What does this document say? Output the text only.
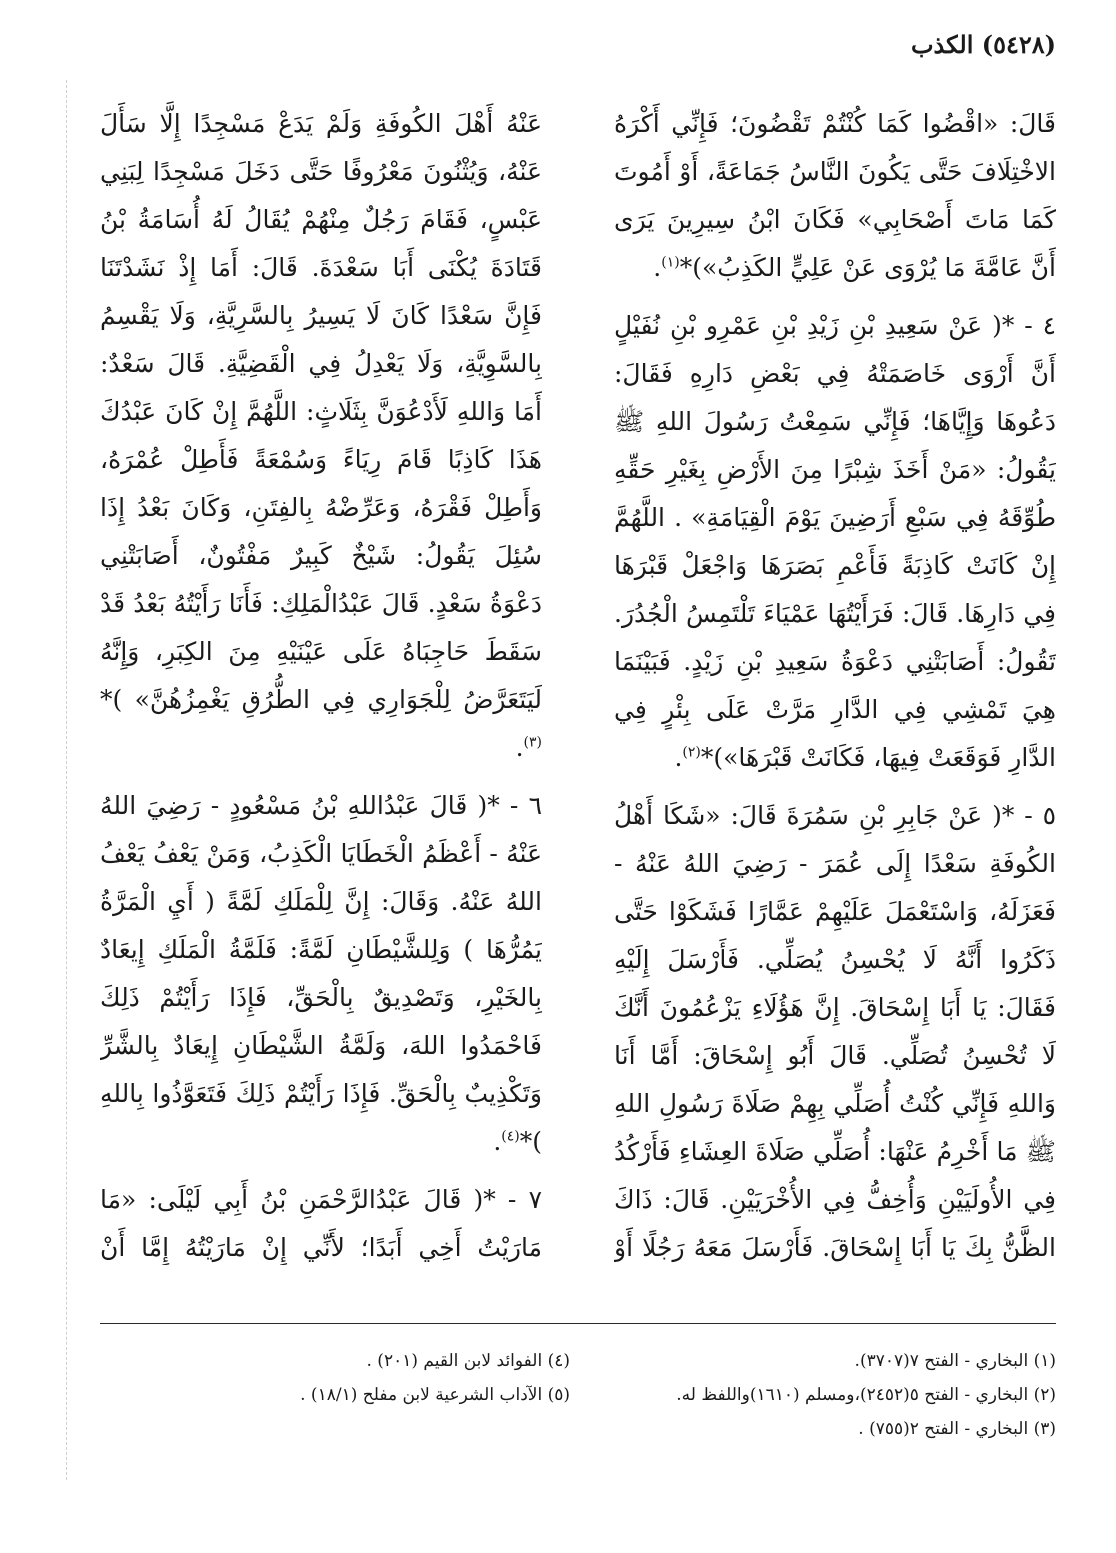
(٥٤٢٨) الكذب

قَالَ: «اقْضُوا كَمَا كُنْتُمْ تَقْضُونَ؛ فَإِنِّي أَكْرَهُ الاخْتِلَافَ حَتَّى يَكُونَ النَّاسُ جَمَاعَةً، أَوْ أَمُوتَ كَمَا مَاتَ أَصْحَابِي» فَكَانَ ابْنُ سِيرِينَ يَرَى أَنَّ عَامَّةَ مَا يُرْوَى عَنْ عَلِيٍّ الكَذِبُ»)*$^{(١)}$.

٤ - *( عَنْ سَعِيدِ بْنِ زَيْدِ بْنِ عَمْرِو بْنِ نُفَيْلٍ أَنَّ أَرْوَى خَاصَمَتْهُ فِي بَعْضِ دَارِهِ فَقَالَ: دَعُوهَا وَإِيَّاهَا؛ فَإِنِّي سَمِعْتُ رَسُولَ اللهِ ﷺ يَقُولُ: «مَنْ أَخَذَ شِبْرًا مِنَ الأَرْضِ بِغَيْرِ حَقِّهِ طُوِّقَهُ فِي سَبْعِ أَرَضِينَ يَوْمَ الْقِيَامَةِ» . اللَّهُمَّ إِنْ كَانَتْ كَاذِبَةً فَأَعْمِ بَصَرَهَا وَاجْعَلْ قَبْرَهَا فِي دَارِهَا. قَالَ: فَرَأَيْتُهَا عَمْيَاءَ تَلْتَمِسُ الْجُدُرَ. تَقُولُ: أَصَابَتْنِي دَعْوَةُ سَعِيدِ بْنِ زَيْدٍ. فَبَيْنَمَا هِيَ تَمْشِي فِي الدَّارِ مَرَّتْ عَلَى بِئْرٍ فِي الدَّارِ فَوَقَعَتْ فِيهَا، فَكَانَتْ قَبْرَهَا»)*$^{(٢)}$.

٥ - *( عَنْ جَابِرِ بْنِ سَمُرَةَ قَالَ: «شَكَا أَهْلُ الكُوفَةِ سَعْدًا إِلَى عُمَرَ - رَضِيَ اللهُ عَنْهُ - فَعَزَلَهُ، وَاسْتَعْمَلَ عَلَيْهِمْ عَمَّارًا فَشَكَوْا حَتَّى ذَكَرُوا أَنَّهُ لَا يُحْسِنُ يُصَلِّي. فَأَرْسَلَ إِلَيْهِ فَقَالَ: يَا أَبَا إِسْحَاقَ. إِنَّ هَؤُلَاءِ يَزْعُمُونَ أَنَّكَ لَا تُحْسِنُ تُصَلِّي. قَالَ أَبُو إِسْحَاقَ: أَمَّا أَنَا وَاللهِ فَإِنِّي كُنْتُ أُصَلِّي بِهِمْ صَلَاةَ رَسُولِ اللهِ ﷺ مَا أَخْرِمُ عَنْهَا: أُصَلِّي صَلَاةَ العِشَاءِ فَأَرْكُدُ فِي الأُولَيَيْنِ وَأُخِفُّ فِي الأُخْرَيَيْنِ. قَالَ: ذَاكَ الظَّنُّ بِكَ يَا أَبَا إِسْحَاقَ. فَأَرْسَلَ مَعَهُ رَجُلًا أَوْ

عَنْهُ أَهْلَ الكُوفَةِ وَلَمْ يَدَعْ مَسْجِدًا إِلَّا سَأَلَ عَنْهُ، وَيُثْنُونَ مَعْرُوفًا حَتَّى دَخَلَ مَسْجِدًا لِبَنِي عَبْسٍ، فَقَامَ رَجُلٌ مِنْهُمْ يُقَالُ لَهُ أُسَامَةُ بْنُ قَتَادَةَ يُكْنَى أَبَا سَعْدَةَ. قَالَ: أَمَا إِذْ نَشَدْتَنَا فَإِنَّ سَعْدًا كَانَ لَا يَسِيرُ بِالسَّرِيَّةِ، وَلَا يَقْسِمُ بِالسَّوِيَّةِ، وَلَا يَعْدِلُ فِي الْقَضِيَّةِ. قَالَ سَعْدٌ: أَمَا وَاللهِ لَأَدْعُوَنَّ بِثَلَاثٍ: اللَّهُمَّ إِنْ كَانَ عَبْدُكَ هَذَا كَاذِبًا قَامَ رِيَاءً وَسُمْعَةً فَأَطِلْ عُمْرَهُ، وَأَطِلْ فَقْرَهُ، وَعَرِّضْهُ بِالفِتَنِ، وَكَانَ بَعْدُ إِذَا سُئِلَ يَقُولُ: شَيْخٌ كَبِيرٌ مَفْتُونٌ، أَصَابَتْنِي دَعْوَةُ سَعْدٍ. قَالَ عَبْدُالْمَلِكِ: فَأَنَا رَأَيْتُهُ بَعْدُ قَدْ سَقَطَ حَاجِبَاهُ عَلَى عَيْنَيْهِ مِنَ الكِبَرِ، وَإِنَّهُ لَيَتَعَرَّضُ لِلْجَوَارِي فِي الطُّرُقِ يَغْمِزُهُنَّ» )*$^{(٣)}$.

٦ - *( قَالَ عَبْدُاللهِ بْنُ مَسْعُودٍ - رَضِيَ اللهُ عَنْهُ - أَعْظَمُ الْخَطَايَا الْكَذِبُ، وَمَنْ يَعْفُ يَعْفُ اللهُ عَنْهُ. وَقَالَ: إِنَّ لِلْمَلَكِ لَمَّةً ( أَيِ الْمَرَّةُ يَمُرُّهَا ) وَلِلشَّيْطَانِ لَمَّةً: فَلَمَّةُ الْمَلَكِ إِيعَادٌ بِالخَيْرِ، وَتَصْدِيقٌ بِالْحَقِّ، فَإِذَا رَأَيْتُمْ ذَلِكَ فَاحْمَدُوا اللهَ، وَلَمَّةُ الشَّيْطَانِ إِيعَادٌ بِالشَّرِّ وَتَكْذِيبٌ بِالْحَقِّ. فَإِذَا رَأَيْتُمْ ذَلِكَ فَتَعَوَّذُوا بِاللهِ )*$^{(٤)}$.

٧ - *( قَالَ عَبْدُالرَّحْمَنِ بْنُ أَبِي لَيْلَى: «مَا مَارَيْتُ أَخِي أَبَدًا؛ لأَنِّي إِنْ مَارَيْتُهُ إِمَّا أَنْ

(١) البخاري - الفتح ٧(٣٧٠٧).
(٢) البخاري - الفتح ٥(٢٤٥٢)،ومسلم (١٦١٠)واللفظ له.
(٣) البخاري - الفتح ٢(٧٥٥) .
(٤) الفوائد لابن القيم (٢٠١) .
(٥) الآداب الشرعية لابن مفلح (١٨/١) .
